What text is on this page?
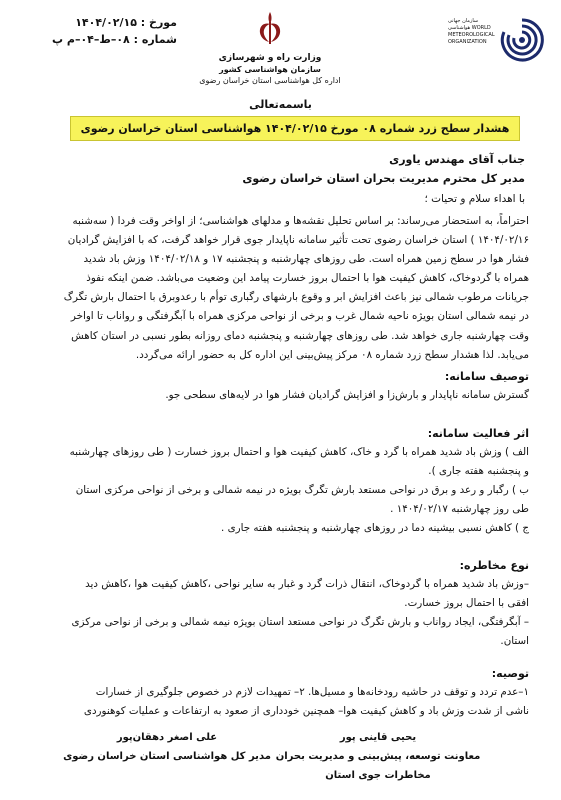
مورخ : ۱۴۰۴/۰۲/۱۵
شماره : ۰۸–ط–۰۴–م پ
وزارت راه و شهرسازی
سازمان هواشناسی کشور
اداره کل هواشناسی استان خراسان رضوی
سازمان جهانی هواشناسی WORLD METEOROLOGICAL ORGANIZATION
باسمه‌تعالی
هشدار سطح زرد شماره ۰۸ مورخ ۱۴۰۴/۰۲/۱۵ هواشناسی استان خراسان رضوی
جناب آقای مهندس یاوری
مدیر کل محترم مدیریت بحران استان خراسان رضوی
با اهداء سلام و تحیات ؛
احتراماً، به استحضار می‌رساند: بر اساس تحلیل نقشه‌ها و مدلهای هواشناسی؛ از اواخر وقت فردا ( سه‌شنبه
۱۴۰۴/۰۲/۱۶ ) استان خراسان رضوی تحت تأثیر سامانه ناپایدار جوی قرار خواهد گرفت، که با افزایش گرادیان
فشار هوا در سطح زمین همراه است. طی روزهای چهارشنبه و پنجشنبه ۱۷ و ۱۴۰۴/۰۲/۱۸ وزش باد شدید
همراه با گردوخاک، کاهش کیفیت هوا با احتمال بروز خسارت پیامد این وضعیت می‌باشد. ضمن اینکه نفوذ
جریانات مرطوب شمالی نیز باعث افزایش ابر و وقوع بارشهای رگباری توأم با رعدوبرق با احتمال بارش تگرگ
در نیمه شمالی استان بویژه ناحیه شمال غرب و برخی از نواحی مرکزی همراه با آبگرفتگی و رواناب تا اواخر
وقت چهارشنبه جاری خواهد شد. طی روزهای چهارشنبه و پنجشنبه دمای روزانه بطور نسبی در استان کاهش
می‌یابد. لذا هشدار سطح زرد شماره ۰۸ مرکز پیش‌بینی این اداره کل به حضور ارائه می‌گردد.
توصیف سامانه:
گسترش سامانه ناپایدار و بارش‌زا و افزایش گرادیان فشار هوا در لایه‌های سطحی جو.
اثر فعالیت سامانه:
الف ) وزش باد شدید همراه با گرد و خاک، کاهش کیفیت هوا و احتمال بروز خسارت ( طی روزهای چهارشنبه
و پنجشنبه هفته جاری ).
ب ) رگبار و رعد و برق در نواحی مستعد بارش تگرگ بویژه در نیمه شمالی و برخی از نواحی مرکزی استان
طی روز چهارشنبه ۱۴۰۴/۰۲/۱۷ .
ج ) کاهش نسبی بیشینه دما در روزهای چهارشنبه و پنجشنبه هفته جاری .
نوع مخاطره:
–وزش باد شدید همراه با گردوخاک، انتقال ذرات گرد و غبار به سایر نواحی ،کاهش کیفیت هوا ،کاهش دید
افقی با احتمال بروز خسارت.
– آبگرفتگی، ایجاد رواناب و بارش تگرگ در نواحی مستعد استان بویژه نیمه شمالی و برخی از نواحی مرکزی
استان.
توصیه:
۱–عدم تردد و توقف در حاشیه رودخانه‌ها و مسیل‌ها. ۲– تمهیدات لازم در خصوص جلوگیری از خسارات
ناشی از شدت وزش باد و کاهش کیفیت هوا– همچنین خودداری از صعود به ارتفاعات و عملیات کوهنوردی
یحیی قاینی پور
معاونت توسعه، پیش‌بینی و مدیریت بحران
مخاطرات جوی استان
علی اصغر دهقان‌پور
مدیر کل هواشناسی استان خراسان رضوی
